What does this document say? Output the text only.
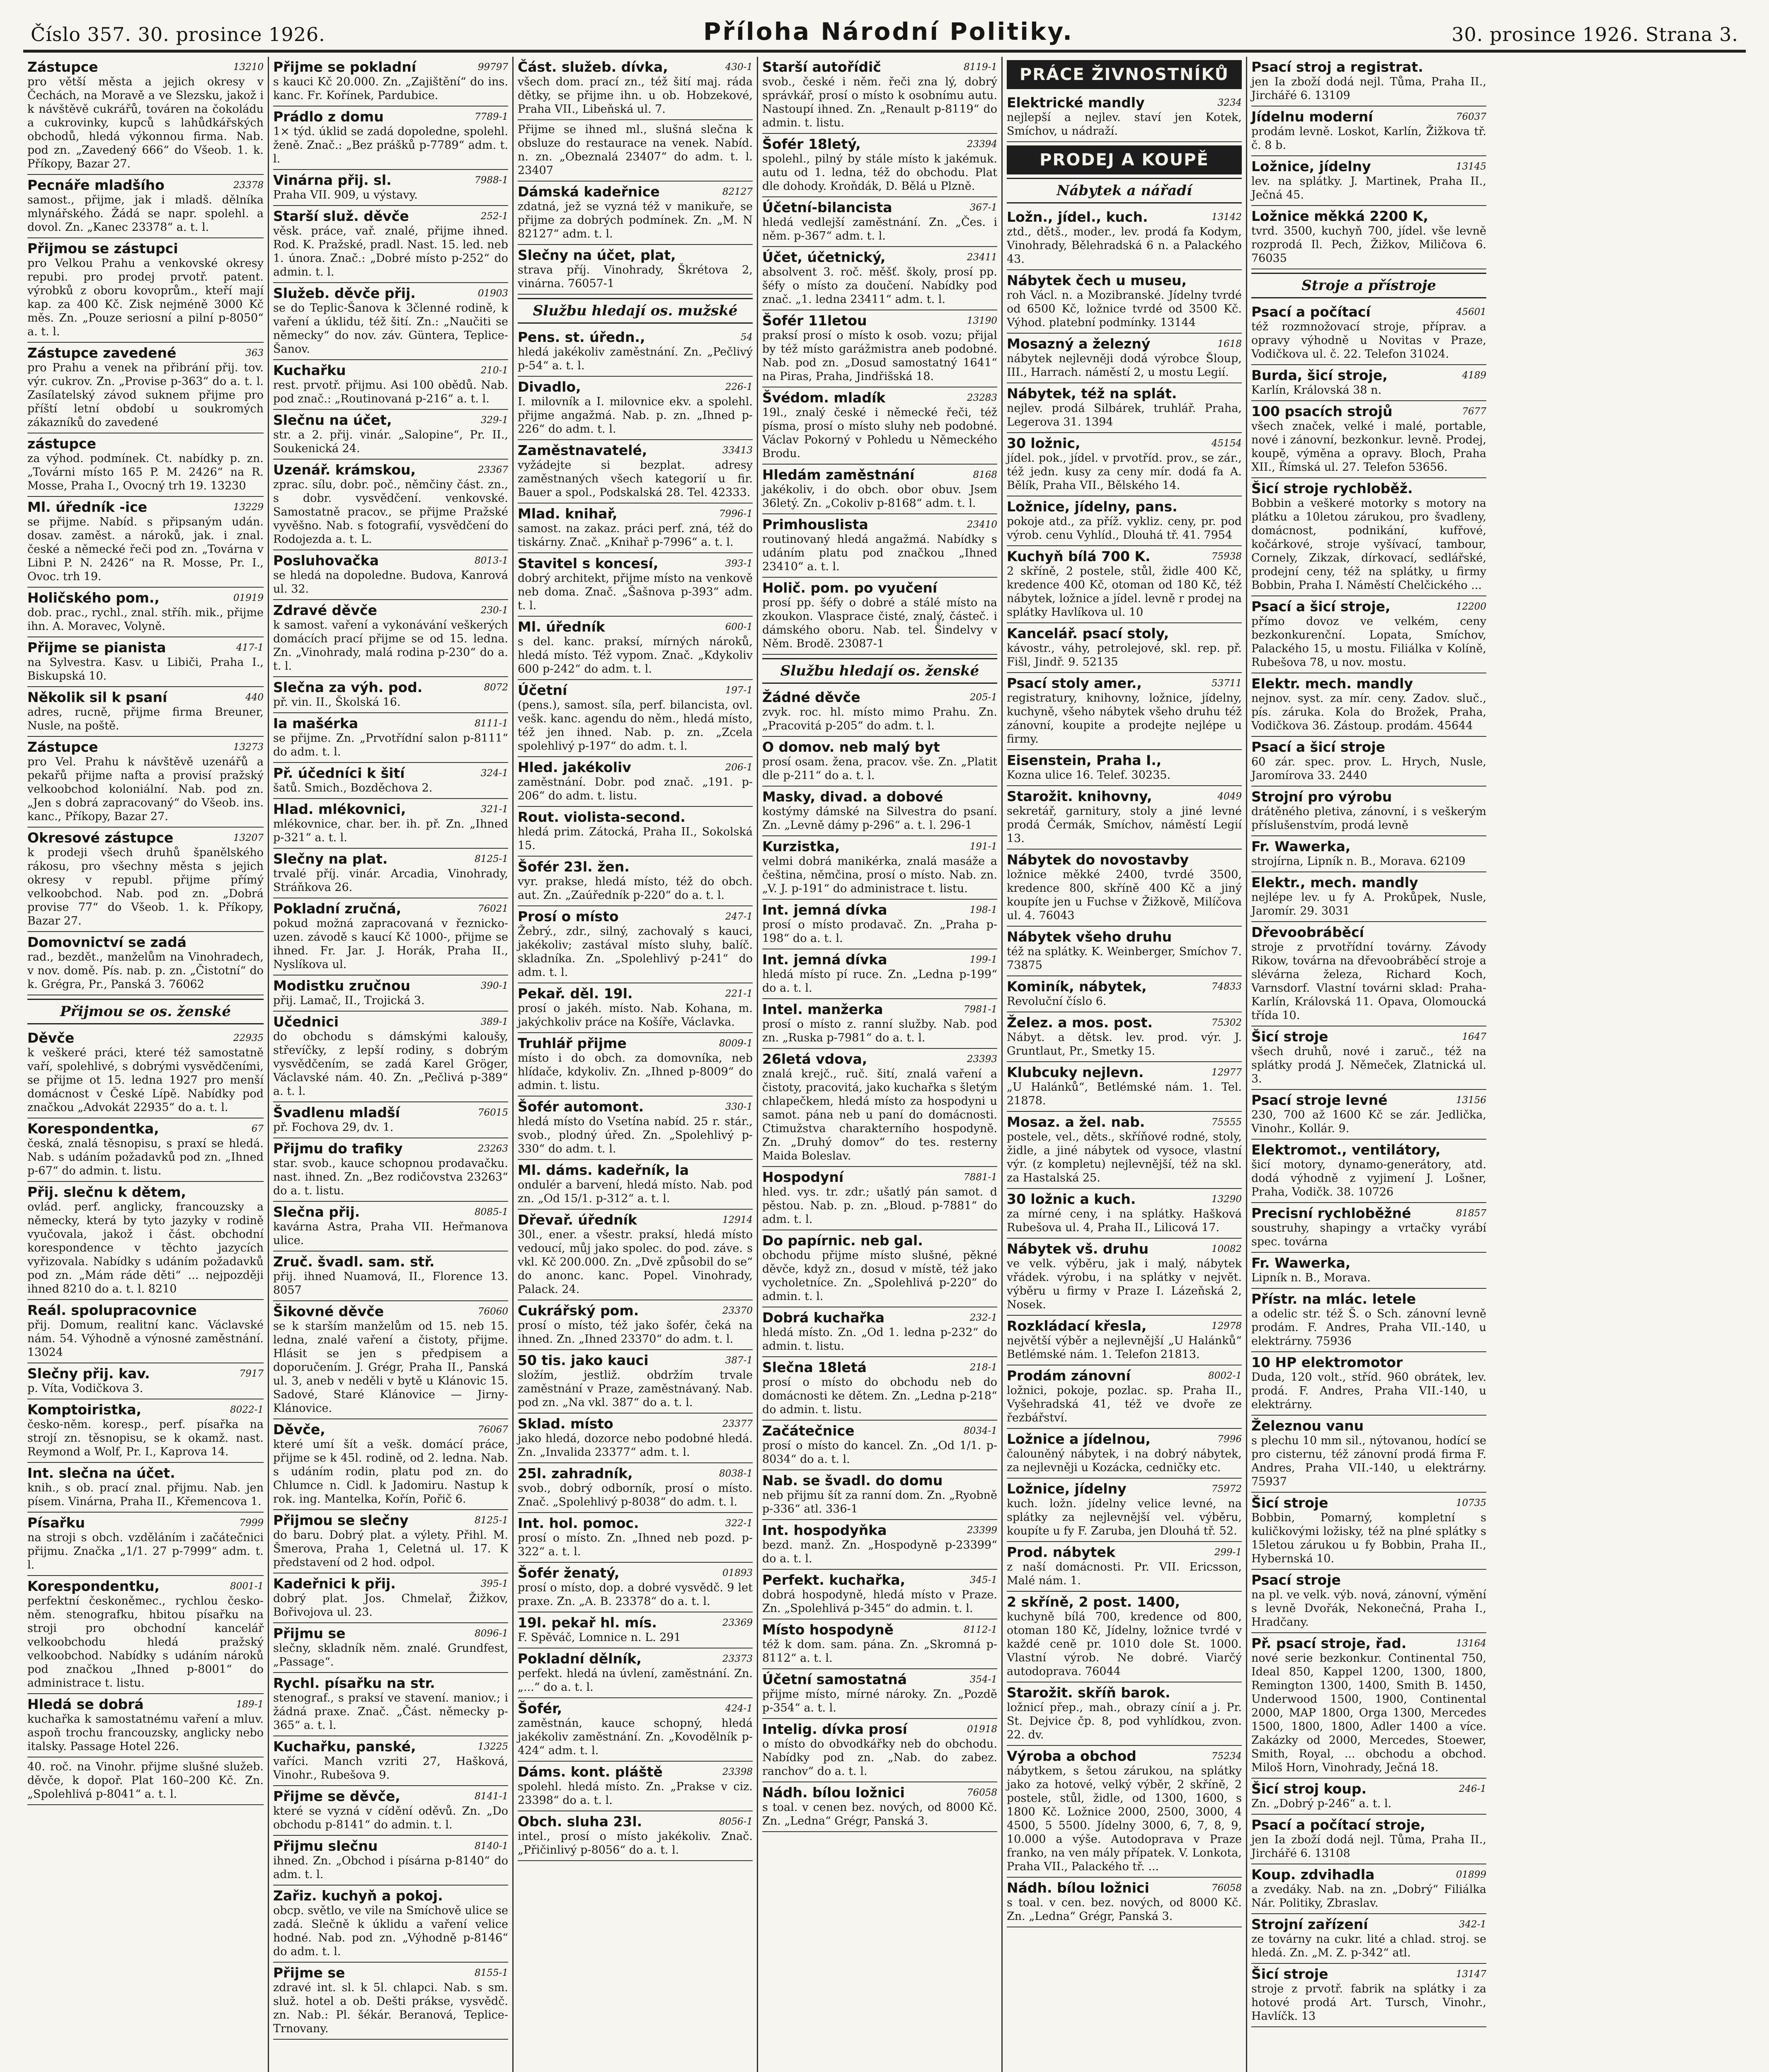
Číslo 357. 30. prosince 1926.	Příloha Národní Politiky.	30. prosince 1926. Strana 3.
13210
Zástupce
pro větší města a jejich okresy v Čechách, na Moravě a ve Slezsku, jakož i k návštěvě cukrářů, továren na čokoládu a cukrovinky, kupců s lahůdkářských obchodů, hledá výkonnou firma. Nab. pod zn. „Zavedený 666“ do Všeob. 1. k. Příkopy, Bazar 27.
23378
Pecnáře mladšího
samost., přijme, jak i mladš. dělníka mlynářského. Žádá se napr. spolehl. a dovol. Zn. „Kanec 23378“ a. t. l.
Přijmou se zástupci
pro Velkou Prahu a venkovské okresy repubi. pro prodej prvotř. patent. výrobků z oboru kovoprům., kteří mají kap. za 400 Kč. Zisk nejméně 3000 Kč měs. Zn. „Pouze seriosní a pilní p-8050“ a. t. l.
363
Zástupce zavedené
pro Prahu a venek na přibrání přij. tov. výr. cukrov. Zn. „Provise p-363“ do a. t. l. Zasílatelský závod suknem přijme pro příští letní období u soukromých zákazníků do zavedené
zástupce
za výhod. podmínek. Ct. nabídky p. zn. „Továrni místo 165 P. M. 2426“ na R. Mosse, Praha I., Ovocný trh 19. 13230
13229
Ml. úředník -ice
se přijme. Nabíd. s připsaným udán. dosav. zaměst. a nároků, jak. i znal. české a německé řeči pod zn. „Továrna v Libni P. N. 2426“ na R. Mosse, Pr. I., Ovoc. trh 19.
01919
Holičského pom.,
dob. prac., rychl., znal. stříh. mik., přijme ihn. A. Moravec, Volyně.
417-1
Přijme se pianista
na Sylvestra. Kasv. u Libiči, Praha I., Biskupská 10.
440
Několik sil k psaní
adres, rucně, přijme firma Breuner, Nusle, na poště.
13273
Zástupce
pro Vel. Prahu k návštěvě uzenářů a pekařů přijme nafta a provisí pražský velkoobchod koloniální. Nab. pod zn. „Jen s dobrá zapracovaný“ do Všeob. ins. kanc., Příkopy, Bazar 27.
13207
Okresové zástupce
k prodeji všech druhů španělského rákosu, pro všechny města s jejich okresy v republ. přijme přímý velkoobchod. Nab. pod zn. „Dobrá provise 77“ do Všeob. 1. k. Příkopy, Bazar 27.
Domovnictví se zadá
rad., bezdět., manželům na Vinohradech, v nov. domě. Pís. nab. p. zn. „Čistotní“ do k. Grégra, Pr., Panská 3. 76062
Přijmou se os. ženské
22935
Děvče
k veškeré práci, které též samostatně vaří, spolehlivé, s dobrými vysvědčeními, se přijme ot 15. ledna 1927 pro menší domácnost v České Lípě. Nabídky pod značkou „Advokát 22935“ do a. t. l.
67
Korespondentka,
česká, znalá těsnopisu, s praxí se hledá. Nab. s udáním požadavků pod zn. „Ihned p-67“ do admin. t. listu.
Přij. slečnu k dětem,
ovlád. perf. anglicky, francouzsky a německy, která by tyto jazyky v rodině vyučovala, jakož i část. obchodní korespondence v těchto jazycích vyřizovala. Nabídky s udáním požadavků pod zn. „Mám ráde děti“ ... nejpozději ihned 8210 do a. t. l. 8210
Reál. spolupracovnice
přij. Domum, realitní kanc. Václavské nám. 54. Výhodně a výnosné zaměstnání. 13024
7917
Slečny přij. kav.
p. Víta, Vodičkova 3.
8022-1
Komptoiristka,
česko-něm. koresp., perf. písařka na strojí zn. těsnopisu, se k okamž. nast. Reymond a Wolf, Pr. I., Kaprova 14.
Int. slečna na účet.
knih., s ob. prací znal. přijmu. Nab. jen písem. Vinárna, Praha II., Křemencova 1.
7999
Písařku
na stroji s obch. vzděláním i začátečnici přijmu. Značka „1/1. 27 p-7999“ adm. t. l.
8001-1
Korespondentku,
perfektní českoněmec., rychlou česko-něm. stenografku, hbitou písařku na stroji pro obchodní kancelář velkoobchodu hledá pražský velkoobchod. Nabídky s udáním nároků pod značkou „Ihned p-8001“ do administrace t. listu.
189-1
Hledá se dobrá
kuchařka k samostatnému vaření a mluv. aspoň trochu francouzsky, anglicky nebo italsky. Passage Hotel 226.
40. roč. na Vinohr. přijme slušné služeb. děvče, k dopoř. Plat 160–200 Kč. Zn. „Spolehlivá p-8041“ a. t. l.
99797
Přijme se pokladní
s kauci Kč 20.000. Zn. „Zajištění“ do ins. kanc. Fr. Kořínek, Pardubice.
7789-1
Prádlo z domu
1× týd. úklid se zadá dopoledne, spolehl. ženě. Znač.: „Bez prášků p-7789“ adm. t. l.
7988-1
Vinárna přij. sl.
Praha VII. 909, u výstavy.
252-1
Starší služ. děvče
věsk. práce, vař. znalé, přijme ihned. Rod. K. Pražské, pradl. Nast. 15. led. neb 1. února. Znač.: „Dobré místo p-252“ do admin. t. l.
01903
Služeb. děvče přij.
se do Teplic-Šanova k 3členné rodině, k vaření a úklidu, též šití. Zn.: „Naučiti se německy“ do nov. záv. Güntera, Teplice-Šanov.
210-1
Kuchařku
rest. prvotř. přijmu. Asi 100 obědů. Nab. pod znač.: „Routinovaná p-216“ a. t. l.
329-1
Slečnu na účet,
str. a 2. přij. vinár. „Salopine“, Pr. II., Soukenická 24.
23367
Uzenář. krámskou,
zprac. sílu, dobr. poč., němčiny část. zn., s dobr. vysvědčení. venkovské. Samostatně pracov., se přijme Pražské vyvěšno. Nab. s fotografií, vysvědčení do Rodojezda a. t. L.
8013-1
Posluhovačka
se hledá na dopoledne. Budova, Kanrová ul. 32.
230-1
Zdravé děvče
k samost. vaření a vykonávání veškerých domácích prací přijme se od 15. ledna. Zn. „Vinohrady, malá rodina p-230“ do a. t. l.
8072
Slečna za výh. pod.
př. vin. II., Školská 16.
8111-1
Ia mašérka
se přijme. Zn. „Prvotřídní salon p-8111“ do adm. t. l.
324-1
Př. účedníci k šití
šatů. Smich., Bozděchova 2.
321-1
Hlad. mlékovnici,
mlékovnice, char. ber. ih. př. Zn. „Ihned p-321“ a. t. l.
8125-1
Slečny na plat.
trvalé příj. vinár. Arcadia, Vinohrady, Stráňkova 26.
76021
Pokladní zručná,
pokud možná zapracovaná v řeznicko-uzen. závodě s kaucí Kč 1000-, přijme se ihned. Fr. Jar. J. Horák, Praha II., Nyslíkova ul.
390-1
Modistku zručnou
přij. Lamač, II., Trojická 3.
389-1
Učednici
do obchodu s dámskými kaloušy, střevíčky, z lepší rodiny, s dobrým vysvědčením, se zadá Karel Gröger, Václavské nám. 40. Zn. „Pečlivá p-389“ a. t. l.
76015
Švadlenu mladší
př. Fochova 29, dv. 1.
23263
Přijmu do trafiky
star. svob., kauce schopnou prodavačku. nast. ihned. Zn. „Bez rodičovstva 23263“ do a. t. listu.
8085-1
Slečna přij.
kavárna Astra, Praha VII. Heřmanova ulice.
Zruč. švadl. sam. stř.
přij. ihned Nuamová, II., Florence 13. 8057
76060
Šikovné děvče
se k starším manželům od 15. neb 15. ledna, znalé vaření a čistoty, přijme. Hlásit se jen s předpisem a doporučením. J. Grégr, Praha II., Panská ul. 3, aneb v neděli v bytě u Klánovic 15. Sadové, Staré Klánovice — Jirny-Klánovice.
76067
Děvče,
které umí šít a vešk. domácí práce, přijme se k 45l. rodině, od 2. ledna. Nab. s udáním rodin, platu pod zn. do Chlumce n. Cidl. k Jadomiru. Nastup k rok. ing. Mantelka, Kořín, Pořič 6.
8125-1
Přijmou se slečny
do baru. Dobrý plat. a výlety. Přihl. M. Šmerova, Praha 1, Celetná ul. 17. K představení od 2 hod. odpol.
395-1
Kadeřnici k přij.
dobrý plat. Jos. Chmelař, Žižkov, Bořivojova ul. 23.
8096-1
Přijmu se
slečny, skladník něm. znalé. Grundfest, „Passage“.
Rychl. písařku na str.
stenograf., s praksí ve stavení. maniov.; i žádná praxe. Znač. „Část. německy p-365“ a. t. l.
13225
Kuchařku, panské,
vaříci. Manch vzriti 27, Hašková, Vinohr., Rubešova 9.
8141-1
Přijme se děvče,
které se vyzná v cídění oděvů. Zn. „Do obchodu p-8141“ do admin. t. l.
8140-1
Přijmu slečnu
ihned. Zn. „Obchod i písárna p-8140“ do adm. t. l.
Zařiz. kuchyň a pokoj.
obcp. světlo, ve vile na Smíchově ulice se zadá. Slečně k úklidu a vaření velice hodné. Nab. pod zn. „Výhodně p-8146“ do adm. t. l.
8155-1
Přijme se
zdravé int. sl. k 5l. chlapci. Nab. s sm. služ. hotel a ob. Dešti prákse, vysvědč. zn. Nab.: Pl. šékár. Beranová, Teplice-Trnovany.
430-1
Část. služeb. dívka,
všech dom. prací zn., též šití maj. ráda dětky, se přijme ihn. u ob. Hobzekové, Praha VII., Libeňská ul. 7.
Přijme se ihned ml., slušná slečna k obsluze do restaurace na venek. Nabíd. n. zn. „Obeznalá 23407“ do adm. t. l. 23407
82127
Dámská kadeřnice
zdatná, jež se vyzná též v manikuře, se přijme za dobrých podmínek. Zn. „M. N 82127“ adm. t. l.
Slečny na účet, plat,
strava příj. Vinohrady, Škrétova 2, vinárna. 76057-1
Službu hledají os. mužské
54
Pens. st. úředn.,
hledá jakékoliv zaměstnání. Zn. „Pečlivý p-54“ a. t. l.
226-1
Divadlo,
I. milovník a I. milovnice ekv. a spolehl. přijme angažmá. Nab. p. zn. „Ihned p-226“ do adm. t. l.
33413
Zaměstnavatelé,
vyžádejte si bezplat. adresy zaměstnaných všech kategorií u fir. Bauer a spol., Podskalská 28. Tel. 42333.
7996-1
Mlad. knihař,
samost. na zakaz. práci perf. zná, též do tiskárny. Znač. „Knihař p-7996“ a. t. l.
393-1
Stavitel s koncesí,
dobrý architekt, přijme místo na venkově neb doma. Znač. „Šašnova p-393“ adm. t. l.
600-1
Ml. úředník
s del. kanc. praksí, mírných nároků, hledá místo. Též vypom. Znač. „Kdykoliv 600 p-242“ do adm. t. l.
197-1
Účetní
(pens.), samost. síla, perf. bilancista, ovl. vešk. kanc. agendu do něm., hledá místo, též jen ihned. Nab. p. zn. „Zcela spolehlivý p-197“ do adm. t. l.
206-1
Hled. jakékoliv
zaměstnání. Dobr. pod znač. „191. p-206“ do adm. t. listu.
Rout. violista-second.
hledá prim. Zátocká, Praha II., Sokolská 15.
Šofér 23l. žen.
vyr. prakse, hledá místo, též do obch. aut. Zn. „Zaúředník p-220“ do a. t. l.
247-1
Prosí o místo
Žebrý., zdr., silný, zachovalý s kauci, jakékoliv; zastával místo sluhy, balíč. skladníka. Zn. „Spolehlivý p-241“ do adm. t. l.
221-1
Pekař. děl. 19l.
prosí o jakéh. místo. Nab. Kohana, m. jakýchkoliv práce na Košíře, Václavka.
8009-1
Truhlář přijme
místo i do obch. za domovníka, neb hlídače, kdykoliv. Zn. „Ihned p-8009“ do admin. t. listu.
330-1
Šofér automont.
hledá místo do Vsetína nabíd. 25 r. stár., svob., plodný úřed. Zn. „Spolehlivý p-330“ do adm. t. l.
Ml. dáms. kadeřník, la
ondulér a barvení, hledá místo. Nab. pod zn. „Od 15/1. p-312“ a. t. l.
12914
Dřevař. úředník
30l., ener. a všestr. praksí, hledá místo vedoucí, můj jako spolec. do pod. záve. s vkl. Kč 200.000. Zn. „Dvě způsobil do se“ do anonc. kanc. Popel. Vinohrady, Palack. 24.
23370
Cukrářský pom.
prosí o místo, též jako šofér, čeká na ihned. Zn. „Ihned 23370“ do adm. t. l.
387-1
50 tis. jako kauci
složím, jestliž. obdržím trvale zaměstnání v Praze, zaměstnávaný. Nab. pod zn. „Na vkl. 387“ do a. t. l.
23377
Sklad. místo
jako hledá, dozorce nebo podobné hledá. Zn. „Invalida 23377“ adm. t. l.
8038-1
25l. zahradník,
svob., dobrý odborník, prosí o místo. Znač. „Spolehlivý p-8038“ do adm. t. l.
322-1
Int. hol. pomoc.
prosí o místo. Zn. „Ihned neb pozd. p-322“ a. t. l.
01893
Šofér ženatý,
prosí o místo, dop. a dobré vysvědč. 9 let praxe. Zn. „A. B. 23378“ do a. t. l.
23369
19l. pekař hl. mís.
F. Spěváč, Lomnice n. L. 291
23373
Pokladní dělník,
perfekt. hledá na úvlení, zaměstnání. Zn. „...“ do a. t. l.
424-1
Šofér,
zaměstnán, kauce schopný, hledá jakékoliv zaměstnání. Zn. „Kovodělník p-424“ adm. t. l.
23398
Dáms. kont. pláště
spolehl. hledá místo. Zn. „Prakse v ciz. 23398“ do a. t. l.
8056-1
Obch. sluha 23l.
intel., prosí o místo jakékoliv. Znač. „Přičinlivý p-8056“ do a. t. l.
8119-1
Starší autořídič
svob., české i něm. řeči zna lý, dobrý správkář, prosí o místo k osobnímu autu. Nastoupí ihned. Zn. „Renault p-8119“ do admin. t. listu.
23394
Šofér 18letý,
spolehl., pilný by stále místo k jakémuk. autu od 1. ledna, též do obchodu. Plat dle dohody. Kroňdák, D. Bělá u Plzně.
367-1
Účetní-bilancista
hledá vedlejší zaměstnání. Zn. „Čes. i něm. p-367“ adm. t. l.
23411
Účet, účetnický,
absolvent 3. roč. měšť. školy, prosí pp. šéfy o místo za doučení. Nabídky pod znač. „1. ledna 23411“ adm. t. l.
13190
Šofér 11letou
praksí prosí o místo k osob. vozu; přijal by též místo garážmistra aneb podobné. Nab. pod zn. „Dosud samostatný 1641“ na Piras, Praha, Jindřišská 18.
23283
Švédom. mladík
19l., znalý české i německé řeči, též písma, prosí o místo sluhy neb podobné. Václav Pokorný v Pohledu u Německého Brodu.
8168
Hledám zaměstnání
jakékoliv, i do obch. obor obuv. Jsem 36letý. Zn. „Cokoliv p-8168“ adm. t. l.
23410
Primhouslista
routinovaný hledá angažmá. Nabídky s udáním platu pod značkou „Ihned 23410“ a. t. l.
Holič. pom. po vyučení
prosí pp. šéfy o dobré a stálé místo na zkoukon. Vlasprace čisté, znalý, částeč. i dámského oboru. Nab. tel. Šindelvy v Něm. Brodě. 23087-1
Službu hledají os. ženské
205-1
Žádné děvče
zvyk. roc. hl. místo mimo Prahu. Zn. „Pracovitá p-205“ do adm. t. l.
O domov. neb malý byt
prosí osam. žena, pracov. vše. Zn. „Platit dle p-211“ do a. t. l.
Masky, divad. a dobové
kostýmy dámské na Silvestra do psaní. Zn. „Levně dámy p-296“ a. t. l. 296-1
191-1
Kurzistka,
velmi dobrá manikérka, znalá masáže a čeština, němčina, prosí o místo. Nab. zn. „V. J. p-191“ do administrace t. listu.
198-1
Int. jemná dívka
prosí o místo prodavač. Zn. „Praha p-198“ do a. t. l.
199-1
Int. jemná dívka
hledá místo pí ruce. Zn. „Ledna p-199“ do a. t. l.
7981-1
Intel. manžerka
prosí o místo z. ranní služby. Nab. pod zn. „Ruska p-7981“ do a. t. l.
23393
26letá vdova,
znalá krejč., ruč. šití, znalá vaření a čistoty, pracovitá, jako kuchařka s šletým chlapečkem, hledá místo za hospodyni u samot. pána neb u paní do domácnosti. Ctimužstva charakterního hospodyně. Zn. „Druhý domov“ do tes. resterny Maida Boleslav.
7881-1
Hospodyní
hled. vys. tr. zdr.; ušatlý pán samot. d pěstou. Nab. p. zn. „Bloud. p-7881“ do adm. t. l.
Do papírnic. neb gal.
obchodu přijme místo slušné, pěkné děvče, když zn., dosud v místě, též jako vycholetníce. Zn. „Spolehlivá p-220“ do admin. t. l.
232-1
Dobrá kuchařka
hledá místo. Zn. „Od 1. ledna p-232“ do admin. t. listu.
218-1
Slečna 18letá
prosí o místo do obchodu neb do domácnosti ke dětem. Zn. „Ledna p-218“ do admin. t. listu.
8034-1
Začátečnice
prosí o místo do kancel. Zn. „Od 1/1. p-8034“ do a. t. l.
Nab. se švadl. do domu
neb přijmu šít za ranní dom. Zn. „Ryobně p-336“ atl. 336-1
23399
Int. hospodyňka
bezd. manž. Zn. „Hospodyně p-23399“ do a. t. l.
345-1
Perfekt. kuchařka,
dobrá hospodyně, hledá místo v Praze. Zn. „Spolehlivá p-345“ do admin. t. l.
8112-1
Místo hospodyně
též k dom. sam. pána. Zn. „Skromná p-8112“ a. t. l.
354-1
Účetní samostatná
přijme místo, mírné nároky. Zn. „Pozdě p-354“ a. t. l.
01918
Intelig. dívka prosí
o místo do obvodkářky neb do obchodu. Nabídky pod zn. „Nab. do zabez. ranchov“ do a. t. l.
76058
Nádh. bílou ložnici
s toal. v cenen bez. nových, od 8000 Kč. Zn. „Ledna“ Grégr, Panská 3.
PRÁCE ŽIVNOSTNÍKŮ
3234
Elektrické mandly
nejlepší a nejlev. staví jen Kotek, Smíchov, u nádraží.
PRODEJ A KOUPĚ
Nábytek a nářadí
13142
Ložn., jídel., kuch.
ztd., dětš., moder., lev. prodá fa Kodym, Vinohrady, Bělehradská 6 n. a Palackého 43.
Nábytek čech u museu,
roh Václ. n. a Mozibranské. Jídelny tvrdé od 6500 Kč, ložnice tvrdé od 3500 Kč. Výhod. platební podmínky. 13144
1618
Mosazný a železný
nábytek nejlevněji dodá výrobce Šloup, III., Harrach. náměstí 2, u mostu Legií.
Nábytek, též na splát.
nejlev. prodá Silbárek, truhlář. Praha, Legerova 31. 1394
45154
30 ložnic,
jídel. pok., jídel. v prvotříd. prov., se zár., též jedn. kusy za ceny mír. dodá fa A. Bělík, Praha VII., Bělského 14.
Ložnice, jídelny, pans.
pokoje atd., za příž. vykliz. ceny, pr. pod výrob. cenu Vyhlíd., Dlouhá tř. 41. 7954
75938
Kuchyň bílá 700 K.
2 skříně, 2 postele, stůl, židle 400 Kč, kredence 400 Kč, otoman od 180 Kč, též nábytek, ložnice a jídel. levně r prodej na splátky Havlíkova ul. 10
Kancelář. psací stoly,
kávostr., váhy, petrolejové, skl. rep. př. Fišl, Jindř. 9. 52135
53711
Psací stoly amer.,
registratury, knihovny, ložnice, jídelny, kuchyně, všeho nábytek všeho druhu též zánovní, koupite a prodejte nejlépe u firmy.
Eisenstein, Praha I.,
Kozna ulice 16. Telef. 30235.
4049
Starožit. knihovny,
sekretář, garnitury, stoly a jiné levné prodá Čermák, Smíchov, náměstí Legií 13.
Nábytek do novostavby
ložnice měkké 2400, tvrdé 3500, kredence 800, skříně 400 Kč a jiný koupíte jen u Fuchse v Žižkově, Milíčova ul. 4. 76043
Nábytek všeho druhu
též na splátky. K. Weinberger, Smíchov 7. 73875
74833
Kominík, nábytek,
Revoluční číslo 6.
75302
Želez. a mos. post.
Nábyt. a dětsk. lev. prod. výr. J. Gruntlaut, Pr., Smetky 15.
12977
Klubcuky nejlevn.
„U Halánků“, Betlémské nám. 1. Tel. 21878.
75555
Mosaz. a žel. nab.
postele, vel., děts., skříňové rodné, stoly, židle, a jiné nábytek od vysoce, vlastní výr. (z kompletu) nejlevnější, též na skl. za Hastalská 25.
13290
30 ložnic a kuch.
za mírné ceny, i na splátky. Hašková Rubešova ul. 4, Praha II., Lilicová 17.
10082
Nábytek vš. druhu
ve velk. výběru, jak i malý, nábytek vřádek. výrobu, i na splátky v největ. výběru u firmy v Praze I. Lázeňská 2, Nosek.
12978
Rozkládací křesla,
největší výběr a nejlevnější „U Halánků“ Betlémské nám. 1. Telefon 21813.
8002-1
Prodám zánovní
ložnici, pokoje, pozlac. sp. Praha II., Vyšehradská 41, též ve dvoře ze řezbářství.
7996
Ložnice a jídelnou,
čalouněný nábytek, i na dobrý nábytek, za nejlevněji u Kozácka, cedničky etc.
75972
Ložnice, jídelny
kuch. ložn. jídelny velice levné, na splátky za nejlevnější vel. výběru, koupíte u fy F. Zaruba, jen Dlouhá tř. 52.
299-1
Prod. nábytek
z naší domácnosti. Pr. VII. Ericsson, Malé nám. 1.
2 skříně, 2 post. 1400,
kuchyně bílá 700, kredence od 800, otoman 180 Kč, Jídelny, ložnice tvrdé v každé ceně pr. 1010 dole St. 1000. Vlastní výrob. Ne dobré. Viarčý autodoprava. 76044
Starožit. skříň barok.
ložnicí přep., mah., obrazy cínií a j. Pr. St. Dejvice čp. 8, pod vyhlídkou, zvon. 22. dv.
75234
Výroba a obchod
nábytkem, s šetou zárukou, na splátky jako za hotové, velký výběr, 2 skříně, 2 postele, stůl, židle, od 1300, 1600, s 1800 Kč. Ložnice 2000, 2500, 3000, 4 4500, 5 5500. Jídelny 3000, 6, 7, 8, 9, 10.000 a výše. Autodoprava v Praze franko, na ven mály přípatek. V. Lonkota, Praha VII., Palackého tř. ...
76058
Nádh. bílou ložnici
s toal. v cen. bez. nových, od 8000 Kč. Zn. „Ledna“ Grégr, Panská 3.
Psací stroj a registrat.
jen Ia zboží dodá nejl. Tůma, Praha II., Jirchářé 6. 13109
76037
Jídelnu moderní
prodám levně. Loskot, Karlín, Žižkova tř. č. 8 b.
13145
Ložnice, jídelny
lev. na splátky. J. Martinek, Praha II., Ječná 45.
Ložnice měkká 2200 K,
tvrd. 3500, kuchyň 700, jídel. vše levně rozprodá Il. Pech, Žižkov, Miličova 6. 76035
Stroje a přístroje
45601
Psací a počítací
též rozmnožovací stroje, příprav. a opravy výhodně u Novitas v Praze, Vodičkova ul. č. 22. Telefon 31024.
4189
Burda, šicí stroje,
Karlín, Královská 38 n.
7677
100 psacích strojů
všech značek, velké i malé, portable, nové i zánovní, bezkonkur. levně. Prodej, koupě, výměna a opravy. Bloch, Praha XII., Římská ul. 27. Telefon 53656.
Šicí stroje rychloběž.
Bobbin a veškeré motorky s motory na plátku a 10letou zárukou, pro švadleny, domácnost, podnikání, kufřové, kočárkové, stroje vyšívací, tambour, Cornely, Zikzak, dírkovací, sedlářské, prodejní ceny, též na splátky, u firmy Bobbin, Praha I. Náměstí Chelčického ...
12200
Psací a šicí stroje,
přímo dovoz ve velkém, ceny bezkonkurenční. Lopata, Smíchov, Palackého 15, u mostu. Filiálka v Kolíně, Rubešova 78, u nov. mostu.
Elektr. mech. mandly
nejnov. syst. za mír. ceny. Zadov. sluč., pís. záruka. Kola do Brožek, Praha, Vodičkova 36. Zástoup. prodám. 45644
Psací a šicí stroje
60 zár. spec. prov. L. Hrych, Nusle, Jaromírova 33. 2440
Strojní pro výrobu
drátěného pletiva, zánovní, i s veškerým příslušenstvím, prodá levně
Fr. Wawerka,
strojírna, Lipník n. B., Morava. 62109
Elektr., mech. mandly
nejlépe lev. u fy A. Prokůpek, Nusle, Jaromír. 29. 3031
Dřevoobráběcí
stroje z prvotřídní továrny. Závody Rikow, továrna na dřevoobráběcí stroje a slévárna železa, Richard Koch, Varnsdorf. Vlastní továrni sklad: Praha-Karlín, Královská 11. Opava, Olomoucká třída 10.
1647
Šicí stroje
všech druhů, nové i zaruč., též na splátky prodá J. Němeček, Zlatnická ul. 3.
13156
Psací stroje levné
230, 700 až 1600 Kč se zár. Jedlička, Vinohr., Kollár. 9.
Elektromot., ventilátory,
šicí motory, dynamo-generátory, atd. dodá výhodně z vyjimení J. Lošner, Praha, Vodičk. 38. 10726
81857
Precisní rychloběžné
soustruhy, shapingy a vrtačky vyrábí spec. továrna
Fr. Wawerka,
Lipník n. B., Morava.
Přístr. na mlác. letele
a odelic str. též Š. o Sch. zánovní levně prodám. F. Andres, Praha VII.-140, u elektrárny. 75936
10 HP elektromotor
Duda, 120 volt., stříd. 960 obrátek, lev. prodá. F. Andres, Praha VII.-140, u elektrárny.
Železnou vanu
s plechu 10 mm sil., nýtovanou, hodící se pro cisternu, též zánovní prodá firma F. Andres, Praha VII.-140, u elektrárny. 75937
10735
Šicí stroje
Bobbin, Pomarný, kompletní s kuličkovými ložisky, též na plné splátky s 15letou zárukou u fy Bobbin, Praha II., Hybernská 10.
Psací stroje
na pl. ve velk. výb. nová, zánovní, výmění s levně Dvořák, Nekonečná, Praha I., Hradčany.
13164
Př. psací stroje, řad.
nové serie bezkonkur. Continental 750, Ideal 850, Kappel 1200, 1300, 1800, Remington 1300, 1400, Smith B. 1450, Underwood 1500, 1900, Continental 2000, MAP 1800, Orga 1300, Mercedes 1500, 1800, 1800, Adler 1400 a více. Zakázky od 2000, Mercedes, Stoewer, Smith, Royal, ... obchodu a obchod. Miloš Horn, Vinohrady, Ječná 18.
246-1
Šicí stroj koup.
Zn. „Dobrý p-246“ a. t. l.
Psací a počítací stroje,
jen Ia zboží dodá nejl. Tůma, Praha II., Jirchářé 6. 13108
01899
Koup. zdvihadla
a zvedáky. Nab. na zn. „Dobrý“ Filiálka Nár. Politiky, Zbraslav.
342-1
Strojní zařízení
ze továrny na cukr. lité a chlad. stroj. se hledá. Zn. „M. Z. p-342“ atl.
13147
Šicí stroje
stroje z prvotř. fabrik na splátky i za hotové prodá Art. Tursch, Vinohr., Havlíčk. 13
